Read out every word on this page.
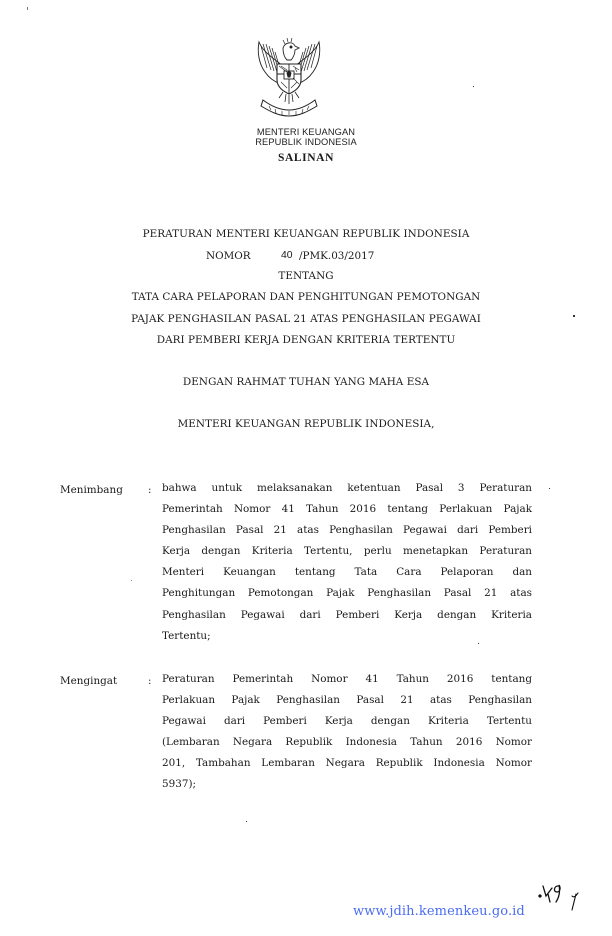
MENTERI KEUANGAN
REPUBLIK INDONESIA
SALINAN
PERATURAN MENTERI KEUANGAN REPUBLIK INDONESIA
NOMOR	40 /PMK.03/2017
TENTANG
TATA CARA PELAPORAN DAN PENGHITUNGAN PEMOTONGAN
PAJAK PENGHASILAN PASAL 21 ATAS PENGHASILAN PEGAWAI
DARI PEMBERI KERJA DENGAN KRITERIA TERTENTU
DENGAN RAHMAT TUHAN YANG MAHA ESA
MENTERI KEUANGAN REPUBLIK INDONESIA,
Menimbang : bahwa untuk melaksanakan ketentuan Pasal 3 Peraturan
Pemerintah Nomor 41 Tahun 2016 tentang Perlakuan Pajak
Penghasilan Pasal 21 atas Penghasilan Pegawai dari Pemberi
Kerja dengan Kriteria Tertentu, perlu menetapkan Peraturan
Menteri Keuangan tentang Tata Cara Pelaporan dan
Penghitungan Pemotongan Pajak Penghasilan Pasal 21 atas
Penghasilan Pegawai dari Pemberi Kerja dengan Kriteria
Tertentu;
Mengingat	: Peraturan Pemerintah Nomor 41 Tahun 2016 tentang
Perlakuan Pajak Penghasilan Pasal 21 atas Penghasilan
Pegawai dari Pemberi Kerja dengan Kriteria Tertentu
(Lembaran Negara Republik Indonesia Tahun 2016 Nomor
201, Tambahan Lembaran Negara Republik Indonesia Nomor
5937);
www.jdih.kemenkeu.go.id
